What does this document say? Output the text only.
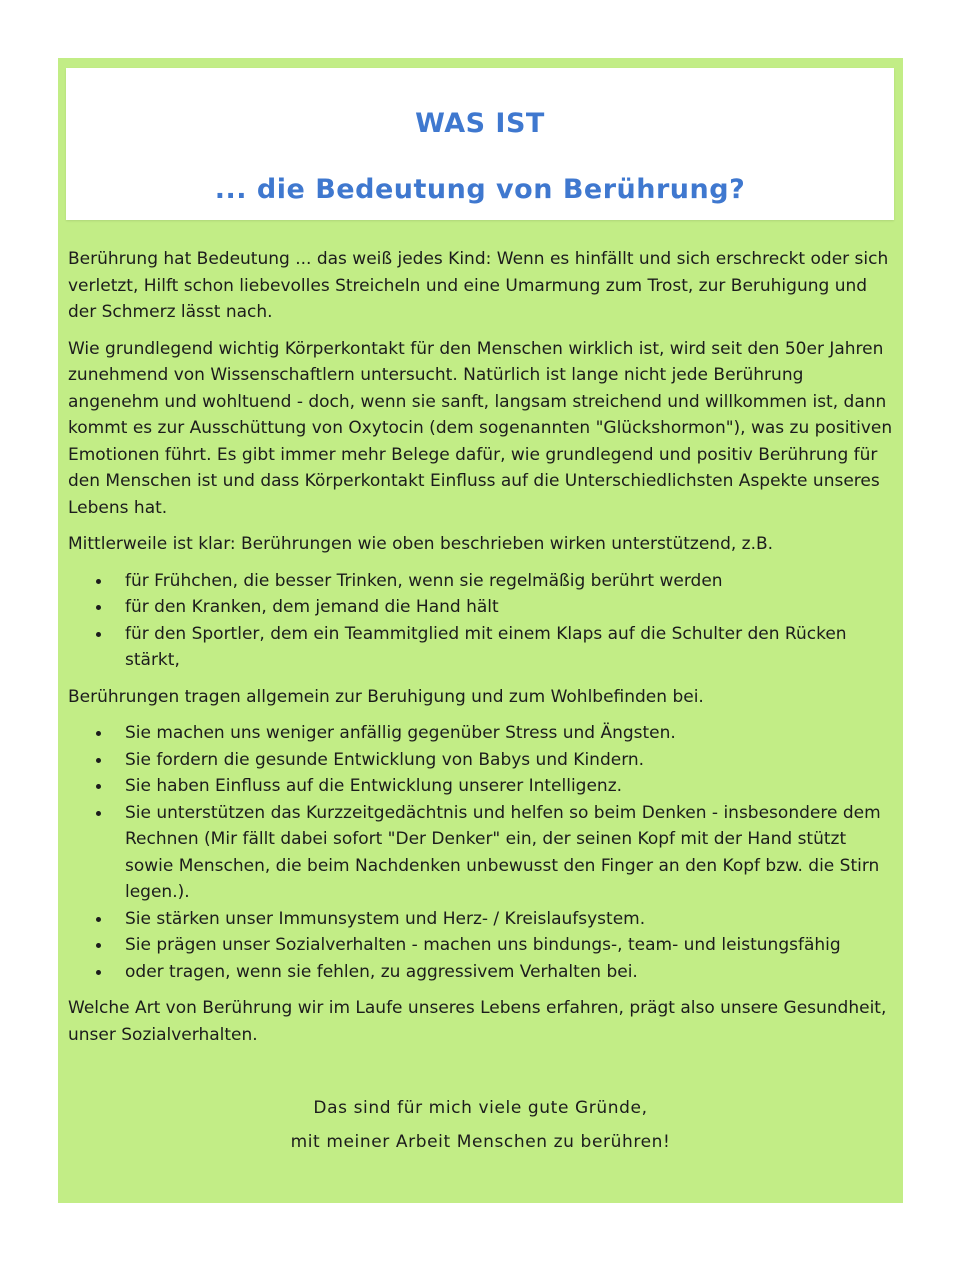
WAS IST
... die Bedeutung von Berührung?

Berührung hat Bedeutung ... das weiß jedes Kind: Wenn es hinfällt und sich erschreckt oder sich verletzt, Hilft schon liebevolles Streicheln und eine Umarmung zum Trost, zur Beruhigung und der Schmerz lässt nach.

Wie grundlegend wichtig Körperkontakt für den Menschen wirklich ist, wird seit den 50er Jahren zunehmend von Wissenschaftlern untersucht. Natürlich ist lange nicht jede Berührung angenehm und wohltuend - doch, wenn sie sanft, langsam streichend und willkommen ist, dann kommt es zur Ausschüttung von Oxytocin (dem sogenannten "Glückshormon"), was zu positiven Emotionen führt. Es gibt immer mehr Belege dafür, wie grundlegend und positiv Berührung für den Menschen ist und dass Körperkontakt Einfluss auf die Unterschiedlichsten Aspekte unseres Lebens hat.

Mittlerweile ist klar: Berührungen wie oben beschrieben wirken unterstützend, z.B.

für Frühchen, die besser Trinken, wenn sie regelmäßig berührt werden
für den Kranken, dem jemand die Hand hält
für den Sportler, dem ein Teammitglied mit einem Klaps auf die Schulter den Rücken stärkt,

Berührungen tragen allgemein zur Beruhigung und zum Wohlbefinden bei.

Sie machen uns weniger anfällig gegenüber Stress und Ängsten.
Sie fordern die gesunde Entwicklung von Babys und Kindern.
Sie haben Einfluss auf die Entwicklung unserer Intelligenz.
Sie unterstützen das Kurzzeitgedächtnis und helfen so beim Denken - insbesondere dem Rechnen (Mir fällt dabei sofort "Der Denker" ein, der seinen Kopf mit der Hand stützt sowie Menschen, die beim Nachdenken unbewusst den Finger an den Kopf bzw. die Stirn legen.).
Sie stärken unser Immunsystem und Herz- / Kreislaufsystem.
Sie prägen unser Sozialverhalten - machen uns bindungs-, team- und leistungsfähig
oder tragen, wenn sie fehlen, zu aggressivem Verhalten bei.

Welche Art von Berührung wir im Laufe unseres Lebens erfahren, prägt also unsere Gesundheit, unser Sozialverhalten.

Das sind für mich viele gute Gründe,
mit meiner Arbeit Menschen zu berühren!
